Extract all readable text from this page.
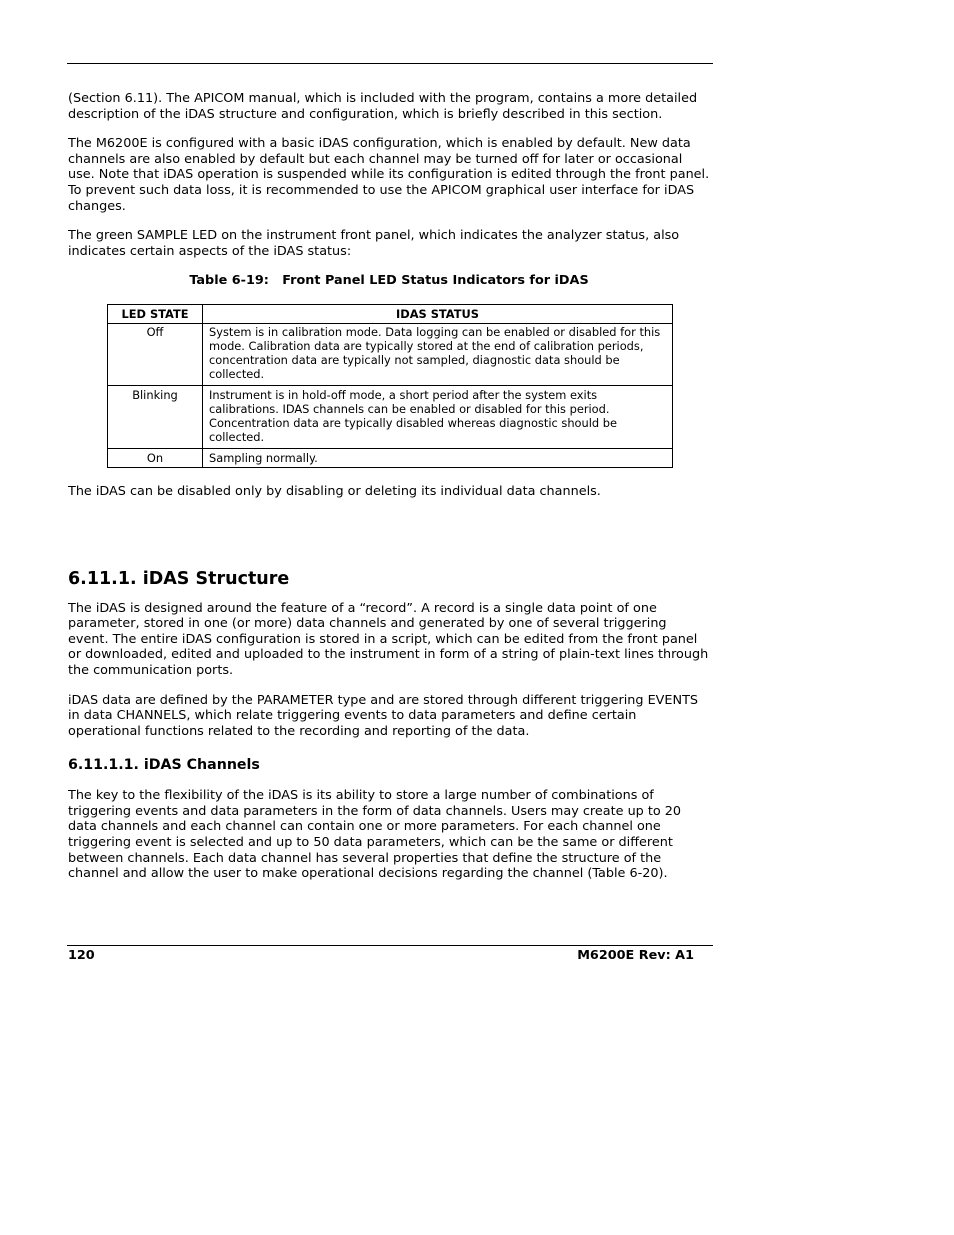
(Section 6.11). The APICOM manual, which is included with the program, contains a more detailed description of the iDAS structure and configuration, which is briefly described in this section.

The M6200E is configured with a basic iDAS configuration, which is enabled by default. New data channels are also enabled by default but each channel may be turned off for later or occasional use. Note that iDAS operation is suspended while its configuration is edited through the front panel. To prevent such data loss, it is recommended to use the APICOM graphical user interface for iDAS changes.

The green SAMPLE LED on the instrument front panel, which indicates the analyzer status, also indicates certain aspects of the iDAS status:

Table 6-19:   Front Panel LED Status Indicators for iDAS

LED STATE	IDAS STATUS
Off	System is in calibration mode. Data logging can be enabled or disabled for this mode. Calibration data are typically stored at the end of calibration periods, concentration data are typically not sampled, diagnostic data should be collected.
Blinking	Instrument is in hold-off mode, a short period after the system exits calibrations. IDAS channels can be enabled or disabled for this period. Concentration data are typically disabled whereas diagnostic should be collected.
On	Sampling normally.

The iDAS can be disabled only by disabling or deleting its individual data channels.

6.11.1. iDAS Structure

The iDAS is designed around the feature of a “record”. A record is a single data point of one parameter, stored in one (or more) data channels and generated by one of several triggering event. The entire iDAS configuration is stored in a script, which can be edited from the front panel or downloaded, edited and uploaded to the instrument in form of a string of plain-text lines through the communication ports.

iDAS data are defined by the PARAMETER type and are stored through different triggering EVENTS in data CHANNELS, which relate triggering events to data parameters and define certain operational functions related to the recording and reporting of the data.

6.11.1.1. iDAS Channels

The key to the flexibility of the iDAS is its ability to store a large number of combinations of triggering events and data parameters in the form of data channels. Users may create up to 20 data channels and each channel can contain one or more parameters. For each channel one triggering event is selected and up to 50 data parameters, which can be the same or different between channels. Each data channel has several properties that define the structure of the channel and allow the user to make operational decisions regarding the channel (Table 6-20).

120	M6200E Rev: A1
